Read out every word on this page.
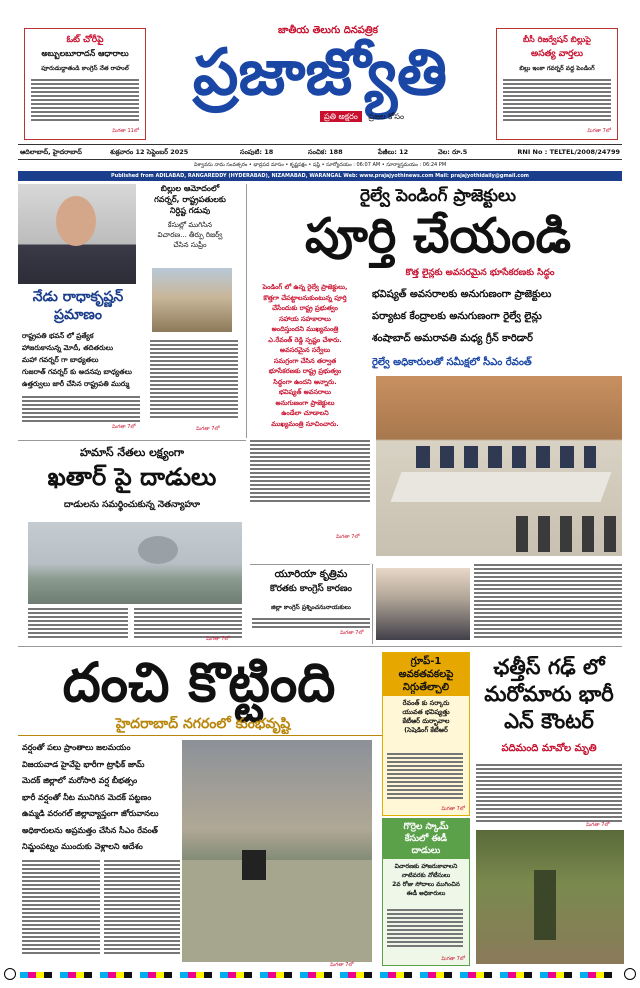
ఓట్ చోరీపై
అబ్బులబూరాదన్ ఆధారాలు
పూరుడుద్దాతండి కాంగ్రెస్ నేత రాహుల్
మిగతా 11లో
జాతీయ తెలుగు దినపత్రిక
ప్రజాజ్యోతి
ప్రతి అక్షరం ప్రజల కోసం
బీసీ రిజర్వేషన్ బిల్లుపై
అసత్య వార్తలు
బిల్లు ఇంకా గవర్నర్ వద్ద పెండింగ్
మిగతా 7లో
ఆదిలాబాద్, హైదరాబాద్	శుక్రవారం 12 సెప్టెంబర్ 2025	సంపుటి: 18	సంచిక: 188	పేజీలు: 12	వెల: రూ.5	RNI No : TELTEL/2008/24799
విశ్వావసు నామ సంవత్సరం • భాద్రపద మాసం • కృష్ణపక్షం • షష్ఠి • సూర్యోదయం : 06:07 AM • సూర్యాస్తమయం : 06:24 PM
Published from ADILABAD, RANGAREDDY (HYDERABAD), NIZAMABAD, WARANGAL Web: www.prajajyothinews.com Mail: prajajyothidaily@gmail.com
బిల్లుల ఆమోదంలో
గవర్నర్, రాష్ట్రపతులకు
నిర్దిష్ట గడువు
కేసుల్లో ముగిసిన
విచారణ... తీర్పు రిజర్వ్
చేసిన సుప్రీం
నేడు రాధాకృష్ణన్ ప్రమాణం
రాష్ట్రపతి భవన్ లో ప్రత్యేక
హాజరుకానున్న మోదీ, తదితరులు
మహా గవర్నర్ గా బాధ్యతలు
గుజరాత్ గవర్నర్ కు అదనపు బాధ్యతలు
ఉత్తర్వులు జారీ చేసిన రాష్ట్రపతి ముర్ము
మిగతా 7లో	మిగతా 7లో
రైల్వే పెండింగ్ ప్రాజెక్టులు
పూర్తి చేయండి
కొత్త లైన్లకు అవసరమైన భూసేకరణకు సిద్ధం
పెండింగ్ లో ఉన్న రైల్వే ప్రాజెక్టులు,
కొత్తగా చేపట్టాలనుకుంటున్న పూర్తి
చేసేందుకు రాష్ట్ర ప్రభుత్వం
సహాయ సహకారాలు
అందిస్తుందని ముఖ్యమంత్రి
ఎ.రేవంత్ రెడ్డి స్పష్టం చేశారు.
అవసరమైన సర్వేలు
సమగ్రంగా చేసిన తర్వాత
భూసేకరణకు రాష్ట్ర ప్రభుత్వం
సిద్ధంగా ఉందని అన్నారు.
భవిష్యత్ అవసరాలు
అనుగుణంగా ప్రాజెక్టులు
ఉండేలా చూడాలని
ముఖ్యమంత్రి సూచించారు.
భవిష్యత్ అవసరాలకు అనుగుణంగా ప్రాజెక్టులు
పర్యాటక కేంద్రాలకు అనుగుణంగా రైల్వే లైన్లు
శంషాబాద్ అమరావతి మధ్య గ్రీన్ కారిడార్
రైల్వే అధికారులతో సమీక్షలో సీఎం రేవంత్
మిగతా 7లో
హమాస్ నేతలు లక్ష్యంగా
ఖతార్ పై దాడులు
దాడులను సమర్థించుకున్న నెతన్యాహూ
మిగతా 7లో
యూరియా కృత్రిమ
కొరతకు కాంగ్రెస్ కారణం
జిల్లా కాంగ్రెస్ ప్రశ్నించనునాయకులు
మిగతా 7లో
దంచి కొట్టింది
హైదరాబాద్ నగరంలో కుంభవృష్టి
వర్షంతో పలు ప్రాంతాలు జలమయం
విజయవాడ హైవేపై భారీగా ట్రాఫిక్ జామ్
మెదక్ జిల్లాలో మరోసారి వర్ష బీభత్సం
భారీ వర్షంతో నీట మునిగిన మెదక్ పట్టణం
ఉమ్మడి వరంగల్ జిల్లావ్యాప్తంగా జోరువానలు
అధికారులను అప్రమత్తం చేసిన సీఎం రేవంత్
నిమ్జంపట్నం ముందుకు వెళ్లాలని ఆదేశం
మిగతా 7లో
గ్రూప్-1
అవకతవకలపై
నిగ్గుతేల్చాలి
రేవంత్ కు సర్కారు
యువత భవిష్యత్తు
కేటీఆర్ దుర్భావాల
(సెషెడింగ్ కేటీఆర్
మిగతా 7లో
గొర్రెల స్కామ్
కేసులో ఈడీ
దాడులు
విచారణకు హాజరుకావాలని
నాటివరకు నోటీసులు
2వ రోజు సోదాలు ముగించిన
ఈడీ అధికారులు
మిగతా 7లో
ఛత్తీస్ గఢ్ లో
మరోమారు భారీ
ఎన్ కౌంటర్
పదిమంది మావోల మృతి
మిగతా 7లో
